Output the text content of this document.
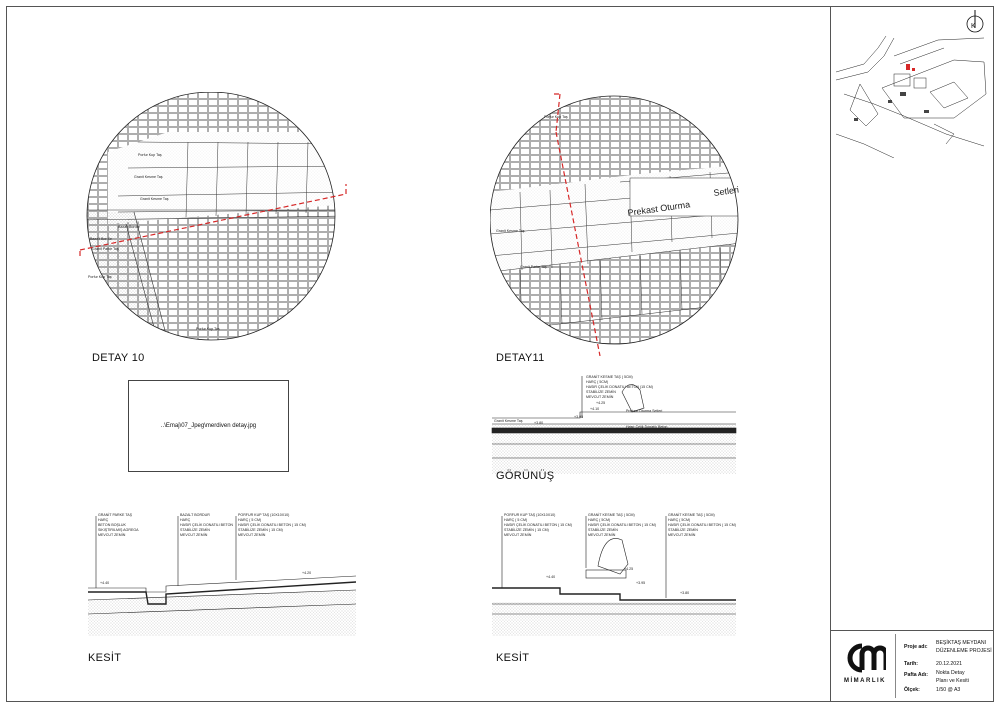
K
Porfur Kup Taş
Granit Kesme Taş
Granit Kesme Taş
Bazalt Bordur
Bazalt Bordür
Granit Parke Taş
Porfur Kup Taş
Porfur Kup Taş
DETAY 10
Porfur Kup Taş
Prekast Oturma
Setleri
Granit Kesme Taş
Granit Parke Taş
DETAY11
..\Emaj\07_Jpeg\merdiven detay.jpg
GRANİT KESME TAŞ ( 5CM)
HARÇ ( 5CM)
HASIR ÇELİK DONATILI BETON (15 CM)
STABİLİZE ZEMİN
MEVCUT ZEMİN
+4.25
+4.10
+3.95
+3.80
Prekast Oturma Setleri
Granit Kesme Taş
Hasır Çelik Donatılı Beton
GÖRÜNÜŞ
GRANİT PARKE TAŞ
HARÇ
BETON BOŞLUK
SIKIŞTIRILMIŞ AGREGA
MEVCUT ZEMİN
BAZALT BORDUR
HARÇ
HASIR ÇELİK DONATILI BETON
STABİLİZE ZEMİN
MEVCUT ZEMİN
PORFUR KUP TAŞ (10X10X10)
HARÇ ( 5 CM)
HASIR ÇELİK DONATILI BETON ( 15 CM)
STABİLİZE ZEMİN ( 15 CM)
MEVCUT ZEMİN
+4.40
+4.20
KESİT
PORFUR KUP TAŞ (10X10X10)
HARÇ ( 5 CM)
HASIR ÇELİK DONATILI BETON ( 15 CM)
STABİLİZE ZEMİN ( 15 CM)
MEVCUT ZEMİN
GRANİT KESME TAŞ ( 5CM)
HARÇ ( 5CM)
HASIR ÇELİK DONATILI BETON ( 15 CM)
STABİLİZE ZEMİN
MEVCUT ZEMİN
GRANİT KESME TAŞ ( 5CM)
HARÇ ( 5CM)
HASIR ÇELİK DONATILI BETON ( 15 CM)
STABİLİZE ZEMİN
MEVCUT ZEMİN
+4.40
+4.25
+3.95
+3.80
KESİT
MİMARLIK
Proje adı:
BEŞİKTAŞ MEYDANI
DÜZENLEME PROJESİ
Tarih:	20.12.2021
Pafta Adı: Nokta Detay
Planı ve Kesiti
Ölçek:	1/50 @ A3
